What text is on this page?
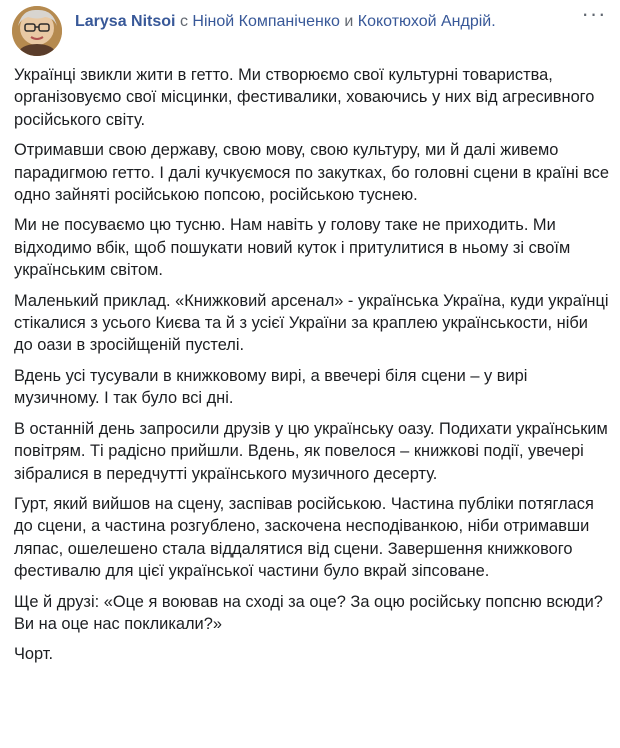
Larysa Nitsoi с Ніной Компаніченко и Кокотюхой Андрій.	···

Українці звикли жити в гетто. Ми створюємо свої культурні товариства, організовуємо свої місцинки, фестивалики, ховаючись у них від агресивного російського світу.

Отримавши свою державу, свою мову, свою культуру, ми й далі живемо парадигмою гетто. І далі кучкуємося по закутках, бо головні сцени в країні все одно зайняті російською попсою, російською туснею.

Ми не посуваємо цю тусню. Нам навіть у голову таке не приходить. Ми відходимо вбік, щоб пошукати новий куток і притулитися в ньому зі своїм українським світом.

Маленький приклад. «Книжковий арсенал» - українська Україна, куди українці стікалися з усього Києва та й з усієї України за краплею українськости, ніби до оази в зросійщеній пустелі.

Вдень усі тусували в книжковому вирі, а ввечері біля сцени – у вирі музичному. І так було всі дні.

В останній день запросили друзів у цю українську оазу. Подихати українським повітрям. Ті радісно прийшли. Вдень, як повелося – книжкові події, увечері зібралися в передчутті українського музичного десерту.

Гурт, який вийшов на сцену, заспівав російською. Частина публіки потяглася до сцени, а частина розгублено, заскочена несподіванкою, ніби отримавши ляпас, ошелешено стала віддалятися від сцени. Завершення книжкового фестивалю для цієї української частини було вкрай зіпсоване.

Ще й друзі: «Оце я воював на сході за оце? За оцю російську попсню всюди? Ви на оце нас покликали?»

Чорт.
